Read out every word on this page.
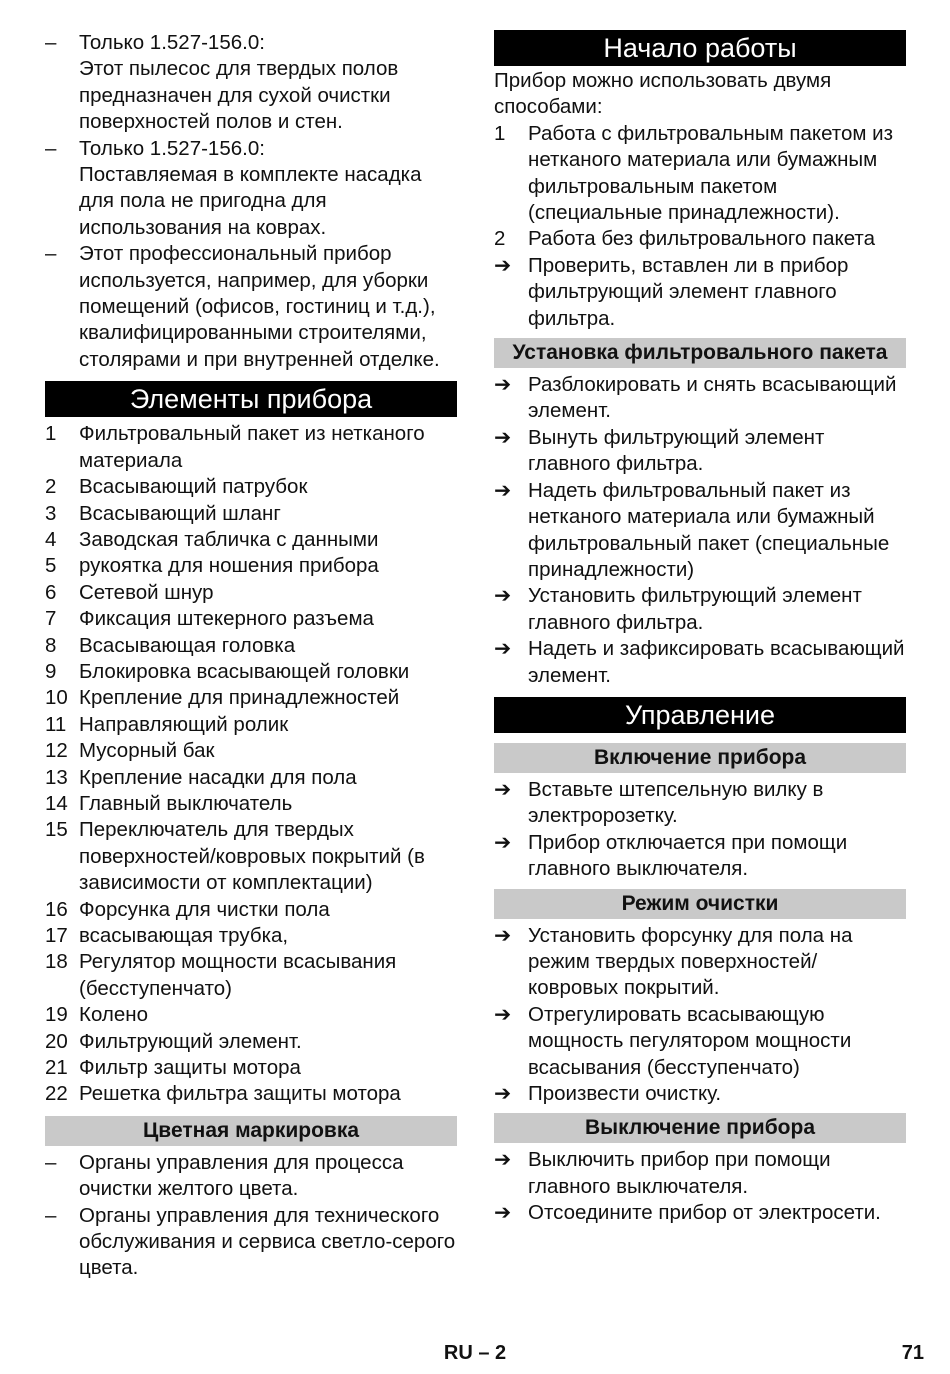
– Только 1.527-156.0:
Этот пылесос для твердых полов предназначен для сухой очистки поверхностей полов и стен.
– Только 1.527-156.0:
Поставляемая в комплекте насадка для пола не пригодна для использования на коврах.
– Этот профессиональный прибор используется, например, для уборки помещений (офисов, гостиниц и т.д.), квалифицированными строителями, столярами и при внутренней отделке.
Элементы прибора
1 Фильтровальный пакет из нетканого материала
2 Всасывающий патрубок
3 Всасывающий шланг
4 Заводская табличка с данными
5 рукоятка для ношения прибора
6 Сетевой шнур
7 Фиксация штекерного разъема
8 Всасывающая головка
9 Блокировка всасывающей головки
10 Крепление для принадлежностей
11 Направляющий ролик
12 Мусорный бак
13 Крепление насадки для пола
14 Главный выключатель
15 Переключатель для твердых поверхностей/ковровых покрытий (в зависимости от комплектации)
16 Форсунка для чистки пола
17 всасывающая трубка,
18 Регулятор мощности всасывания (бесступенчато)
19 Колено
20 Фильтрующий элемент.
21 Фильтр защиты мотора
22 Решетка фильтра защиты мотора
Цветная маркировка
– Органы управления для процесса очистки желтого цвета.
– Органы управления для технического обслуживания и сервиса светло-серого цвета.
Начало работы
Прибор можно использовать двумя способами:
1 Работа с фильтровальным пакетом из нетканого материала или бумажным фильтровальным пакетом (специальные принадлежности).
2 Работа без фильтровального пакета
➔ Проверить, вставлен ли в прибор фильтрующий элемент главного фильтра.
Установка фильтровального пакета
➔ Разблокировать и снять всасывающий элемент.
➔ Вынуть фильтрующий элемент главного фильтра.
➔ Надеть фильтровальный пакет из нетканого материала или бумажный фильтровальный пакет (специальные принадлежности)
➔ Установить фильтрующий элемент главного фильтра.
➔ Надеть и зафиксировать всасывающий элемент.
Управление
Включение прибора
➔ Вставьте штепсельную вилку в электророзетку.
➔ Прибор отключается при помощи главного выключателя.
Режим очистки
➔ Установить форсунку для пола на режим твердых поверхностей/ковровых покрытий.
➔ Отрегулировать всасывающую мощность пегулятором мощности всасывания (бесступенчато)
➔ Произвести очистку.
Выключение прибора
➔ Выключить прибор при помощи главного выключателя.
➔ Отсоедините прибор от электросети.
RU – 2	71
